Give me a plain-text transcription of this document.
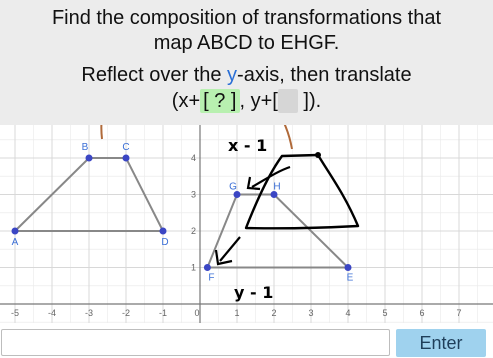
Find the composition of transformations that
map ABCD to EHGF.
Reflect over the y-axis, then translate
(x+ [ ? ] , y+[ ]).
-5	-4	-3	-2	-1	0	1	2	3	4	5	6	7
1
2
3
4
A
B	C
D
E
H
G
F
x - 1
y - 1
Enter
